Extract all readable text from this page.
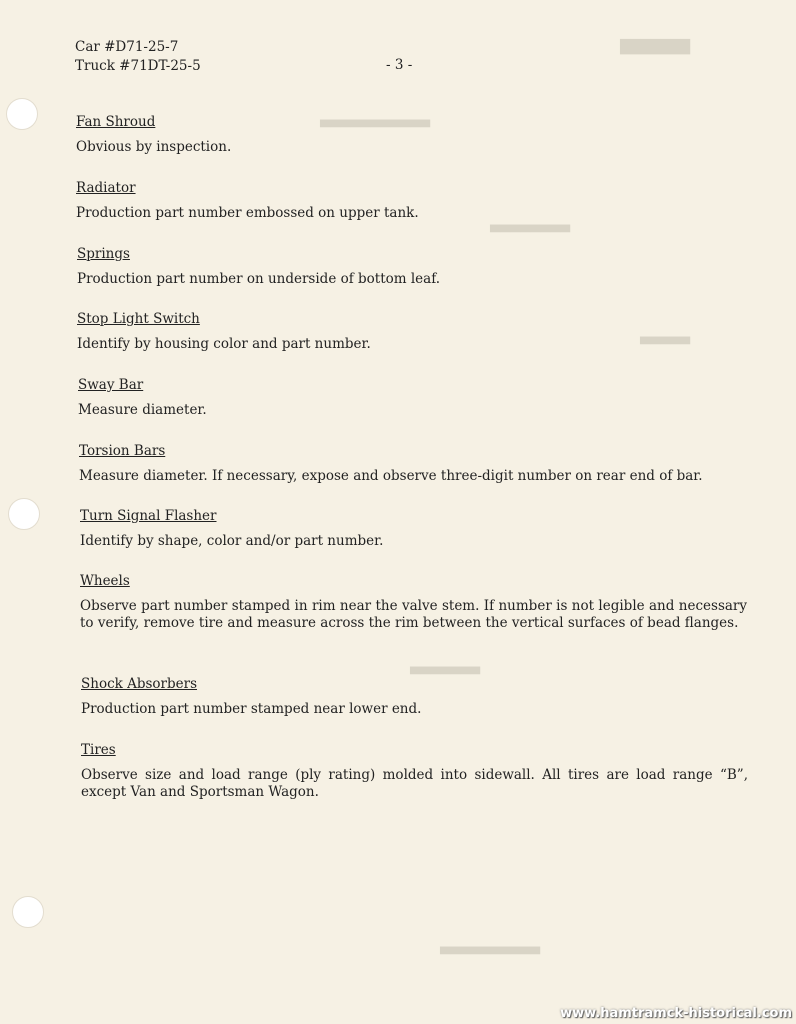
███████
▄▄▄▄▄▄▄▄▄▄▄
▄▄▄▄▄▄▄▄
▄▄▄▄▄
▄▄▄▄▄▄▄
▄▄▄▄▄▄▄▄▄▄
Car #D71-25-7
Truck #71DT-25-5	- 3 -
Fan Shroud
Obvious by inspection.
Radiator
Production part number embossed on upper tank.
Springs
Production part number on underside of bottom leaf.
Stop Light Switch
Identify by housing color and part number.
Sway Bar
Measure diameter.
Torsion Bars
Measure diameter. If necessary, expose and observe three-digit number on rear end of bar.
Turn Signal Flasher
Identify by shape, color and/or part number.
Wheels
Observe part number stamped in rim near the valve stem. If number is not legible and necessary to verify, remove tire and measure across the rim between the vertical surfaces of bead flanges.
Shock Absorbers
Production part number stamped near lower end.
Tires
Observe size and load range (ply rating) molded into sidewall. All tires are load range “B”, except Van and Sportsman Wagon.
www.hamtramck-historical.com
